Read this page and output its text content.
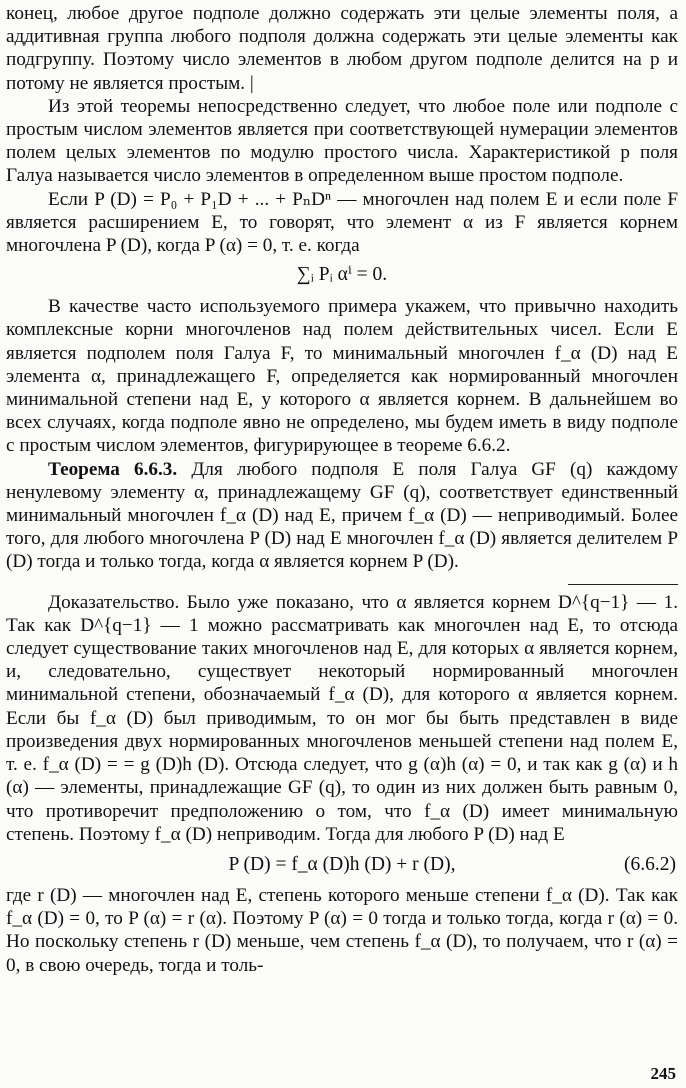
конец, любое другое подполе должно содержать эти целые элементы поля, а аддитивная группа любого подполя должна содержать эти целые элементы как подгруппу. Поэтому число элементов в любом другом подполе делится на p и потому не является простым. |

Из этой теоремы непосредственно следует, что любое поле или подполе с простым числом элементов является при соответствующей нумерации элементов полем целых элементов по модулю простого числа. Характеристикой p поля Галуа называется число элементов в определенном выше простом подполе.

Если P (D) = P₀ + P₁D + ... + PₙDⁿ — многочлен над полем E и если поле F является расширением E, то говорят, что элемент α из F является корнем многочлена P (D), когда P (α) = 0, т. е. когда

∑ᵢ Pᵢ αⁱ = 0.

В качестве часто используемого примера укажем, что привычно находить комплексные корни многочленов над полем действительных чисел. Если E является подполем поля Галуа F, то минимальный многочлен f_α (D) над E элемента α, принадлежащего F, определяется как нормированный многочлен минимальной степени над E, у которого α является корнем. В дальнейшем во всех случаях, когда подполе явно не определено, мы будем иметь в виду подполе с простым числом элементов, фигурирующее в теореме 6.6.2.

Теорема 6.6.3. Для любого подполя E поля Галуа GF (q) каждому ненулевому элементу α, принадлежащему GF (q), соответствует единственный минимальный многочлен f_α (D) над E, причем f_α (D) — неприводимый. Более того, для любого многочлена P (D) над E многочлен f_α (D) является делителем P (D) тогда и только тогда, когда α является корнем P (D).

Доказательство. Было уже показано, что α является корнем D^{q−1} — 1. Так как D^{q−1} — 1 можно рассматривать как многочлен над E, то отсюда следует существование таких многочленов над E, для которых α является корнем, и, следовательно, существует некоторый нормированный многочлен минимальной степени, обозначаемый f_α (D), для которого α является корнем. Если бы f_α (D) был приводимым, то он мог бы быть представлен в виде произведения двух нормированных многочленов меньшей степени над полем E, т. е. f_α (D) = = g (D)h (D). Отсюда следует, что g (α)h (α) = 0, и так как g (α) и h (α) — элементы, принадлежащие GF (q), то один из них должен быть равным 0, что противоречит предположению о том, что f_α (D) имеет минимальную степень. Поэтому f_α (D) неприводим. Тогда для любого P (D) над E

P (D) = f_α (D)h (D) + r (D),	(6.6.2)

где r (D) — многочлен над E, степень которого меньше степени f_α (D). Так как f_α (D) = 0, то P (α) = r (α). Поэтому P (α) = 0 тогда и только тогда, когда r (α) = 0. Но поскольку степень r (D) меньше, чем степень f_α (D), то получаем, что r (α) = 0, в свою очередь, тогда и толь-

245
